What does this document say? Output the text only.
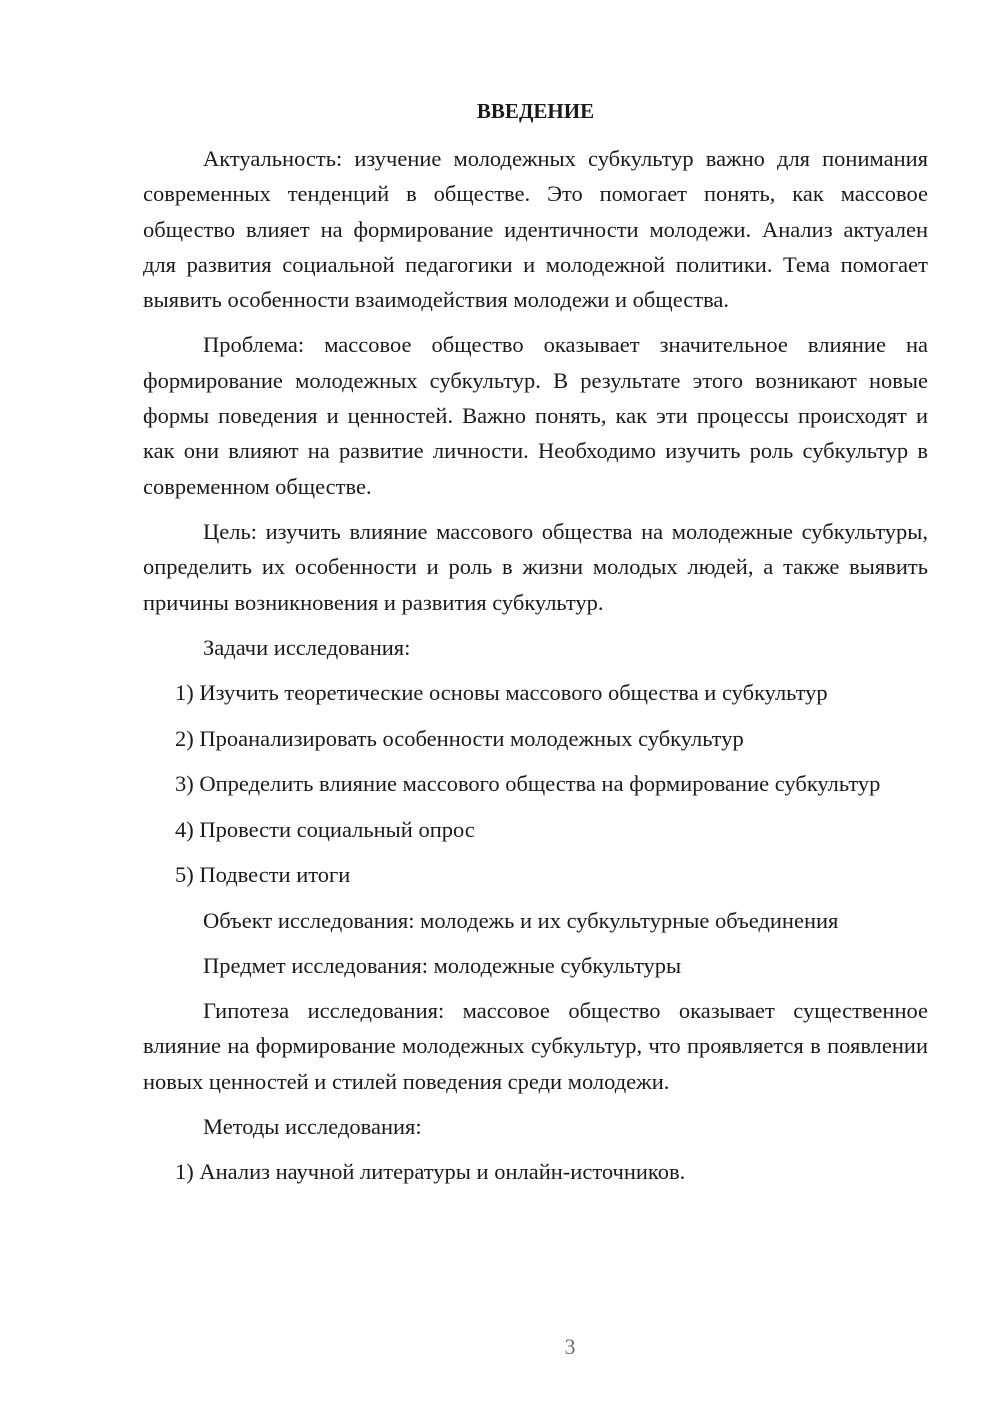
ВВЕДЕНИЕ

Актуальность: изучение молодежных субкультур важно для понимания современных тенденций в обществе. Это помогает понять, как массовое общество влияет на формирование идентичности молодежи. Анализ актуален для развития социальной педагогики и молодежной политики. Тема помогает выявить особенности взаимодействия молодежи и общества.

Проблема: массовое общество оказывает значительное влияние на формирование молодежных субкультур. В результате этого возникают новые формы поведения и ценностей. Важно понять, как эти процессы происходят и как они влияют на развитие личности. Необходимо изучить роль субкультур в современном обществе.

Цель: изучить влияние массового общества на молодежные субкультуры, определить их особенности и роль в жизни молодых людей, а также выявить причины возникновения и развития субкультур.

Задачи исследования:

1) Изучить теоретические основы массового общества и субкультур

2) Проанализировать особенности молодежных субкультур

3) Определить влияние массового общества на формирование субкультур

4) Провести социальный опрос

5) Подвести итоги

Объект исследования: молодежь и их субкультурные объединения

Предмет исследования: молодежные субкультуры

Гипотеза исследования: массовое общество оказывает существенное влияние на формирование молодежных субкультур, что проявляется в появлении новых ценностей и стилей поведения среди молодежи.

Методы исследования:

1) Анализ научной литературы и онлайн-источников.

3
